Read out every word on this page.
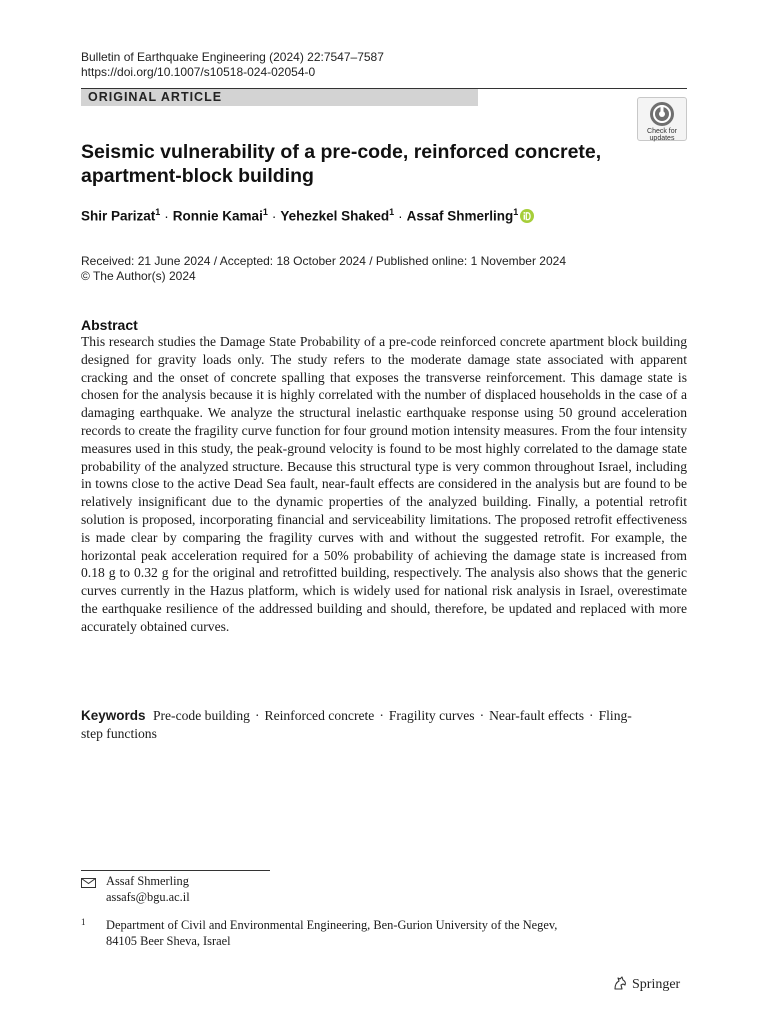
Bulletin of Earthquake Engineering (2024) 22:7547–7587
https://doi.org/10.1007/s10518-024-02054-0
ORIGINAL ARTICLE
Check for
updates
Seismic vulnerability of a pre-code, reinforced concrete, apartment-block building
Shir Parizat$^1$ · Ronnie Kamai$^1$ · Yehezkel Shaked$^1$ · Assaf Shmerling$^1$
Received: 21 June 2024 / Accepted: 18 October 2024 / Published online: 1 November 2024
© The Author(s) 2024
Abstract
This research studies the Damage State Probability of a pre-code reinforced concrete apartment block building designed for gravity loads only. The study refers to the moderate damage state associated with apparent cracking and the onset of concrete spalling that exposes the transverse reinforcement. This damage state is chosen for the analysis because it is highly correlated with the number of displaced households in the case of a damaging earthquake. We analyze the structural inelastic earthquake response using 50 ground acceleration records to create the fragility curve function for four ground motion intensity measures. From the four intensity measures used in this study, the peak-ground velocity is found to be most highly correlated to the damage state probability of the analyzed structure. Because this structural type is very common throughout Israel, including in towns close to the active Dead Sea fault, near-fault effects are considered in the analysis but are found to be relatively insignificant due to the dynamic properties of the analyzed building. Finally, a potential retrofit solution is proposed, incorporating financial and serviceability limitations. The proposed retrofit effectiveness is made clear by comparing the fragility curves with and without the suggested retrofit. For example, the horizontal peak acceleration required for a 50% probability of achieving the damage state is increased from 0.18 g to 0.32 g for the original and retrofitted building, respectively. The analysis also shows that the generic curves currently in the Hazus platform, which is widely used for national risk analysis in Israel, overestimate the earthquake resilience of the addressed building and should, therefore, be updated and replaced with more accurately obtained curves.
Keywords Pre-code building · Reinforced concrete · Fragility curves · Near-fault effects · Fling-step functions
Assaf Shmerling
assafs@bgu.ac.il
1 Department of Civil and Environmental Engineering, Ben-Gurion University of the Negev,
84105 Beer Sheva, Israel
Springer
